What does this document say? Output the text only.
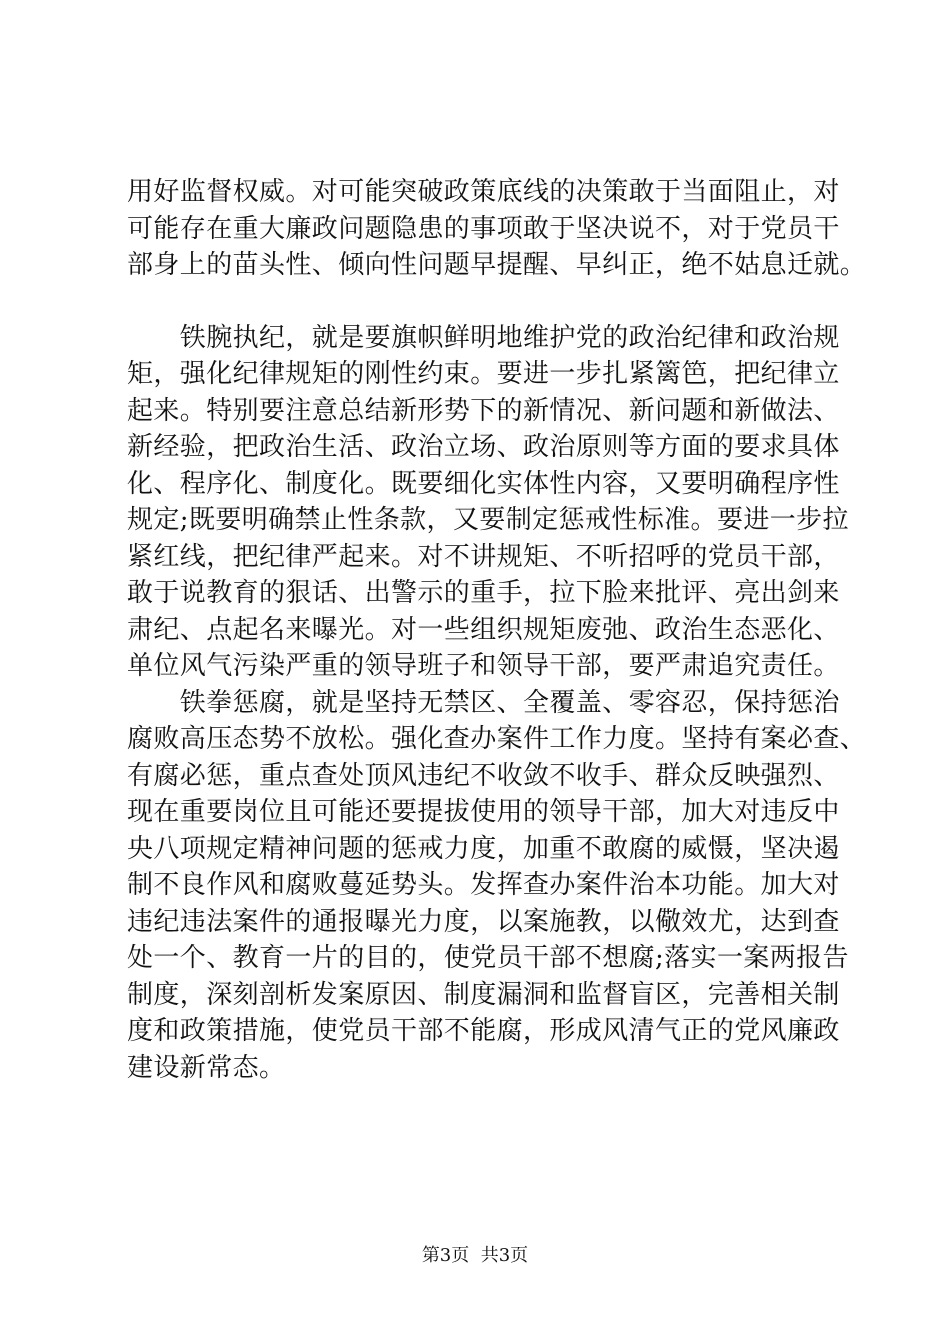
用好监督权威。对可能突破政策底线的决策敢于当面阻止，对
可能存在重大廉政问题隐患的事项敢于坚决说不，对于党员干
部身上的苗头性、倾向性问题早提醒、早纠正，绝不姑息迁就。
　　铁腕执纪，就是要旗帜鲜明地维护党的政治纪律和政治规
矩，强化纪律规矩的刚性约束。要进一步扎紧篱笆，把纪律立
起来。特别要注意总结新形势下的新情况、新问题和新做法、
新经验，把政治生活、政治立场、政治原则等方面的要求具体
化、程序化、制度化。既要细化实体性内容，又要明确程序性
规定;既要明确禁止性条款，又要制定惩戒性标准。要进一步拉
紧红线，把纪律严起来。对不讲规矩、不听招呼的党员干部，
敢于说教育的狠话、出警示的重手，拉下脸来批评、亮出剑来
肃纪、点起名来曝光。对一些组织规矩废弛、政治生态恶化、
单位风气污染严重的领导班子和领导干部，要严肃追究责任。
　　铁拳惩腐，就是坚持无禁区、全覆盖、零容忍，保持惩治
腐败高压态势不放松。强化查办案件工作力度。坚持有案必查、
有腐必惩，重点查处顶风违纪不收敛不收手、群众反映强烈、
现在重要岗位且可能还要提拔使用的领导干部，加大对违反中
央八项规定精神问题的惩戒力度，加重不敢腐的威慑，坚决遏
制不良作风和腐败蔓延势头。发挥查办案件治本功能。加大对
违纪违法案件的通报曝光力度，以案施教，以儆效尤，达到查
处一个、教育一片的目的，使党员干部不想腐;落实一案两报告
制度，深刻剖析发案原因、制度漏洞和监督盲区，完善相关制
度和政策措施，使党员干部不能腐，形成风清气正的党风廉政
建设新常态。
第3页 共3页
